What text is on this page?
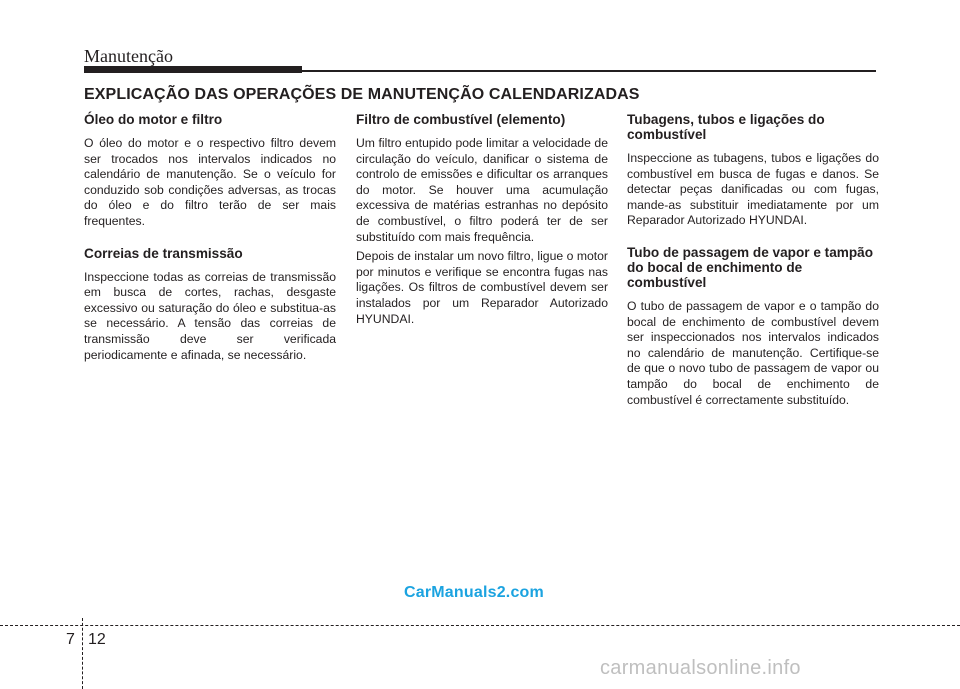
Manutenção
EXPLICAÇÃO DAS OPERAÇÕES DE MANUTENÇÃO CALENDARIZADAS
Óleo do motor e filtro

O óleo do motor e o respectivo filtro devem ser trocados nos intervalos indicados no calendário de manutenção. Se o veículo for conduzido sob condições adversas, as trocas do óleo e do filtro terão de ser mais frequentes.

Correias de transmissão

Inspeccione todas as correias de transmissão em busca de cortes, rachas, desgaste excessivo ou saturação do óleo e substitua-as se necessário. A tensão das correias de transmissão deve ser verificada periodicamente e afinada, se necessário.

Filtro de combustível (elemento)

Um filtro entupido pode limitar a velocidade de circulação do veículo, danificar o sistema de controlo de emissões e dificultar os arranques do motor. Se houver uma acumulação excessiva de matérias estranhas no depósito de combustível, o filtro poderá ter de ser substituído com mais frequência.

Depois de instalar um novo filtro, ligue o motor por minutos e verifique se encontra fugas nas ligações. Os filtros de combustível devem ser instalados por um Reparador Autorizado HYUNDAI.

Tubagens, tubos e ligações do combustível

Inspeccione as tubagens, tubos e ligações do combustível em busca de fugas e danos. Se detectar peças danificadas ou com fugas, mande-as substituir imediatamente por um Reparador Autorizado HYUNDAI.

Tubo de passagem de vapor e tampão do bocal de enchimento de combustível

O tubo de passagem de vapor e o tampão do bocal de enchimento de combustível devem ser inspeccionados nos intervalos indicados no calendário de manutenção. Certifique-se de que o novo tubo de passagem de vapor ou tampão do bocal de enchimento de combustível é correctamente substituído.

CarManuals2.com
7 12
carmanualsonline.info
